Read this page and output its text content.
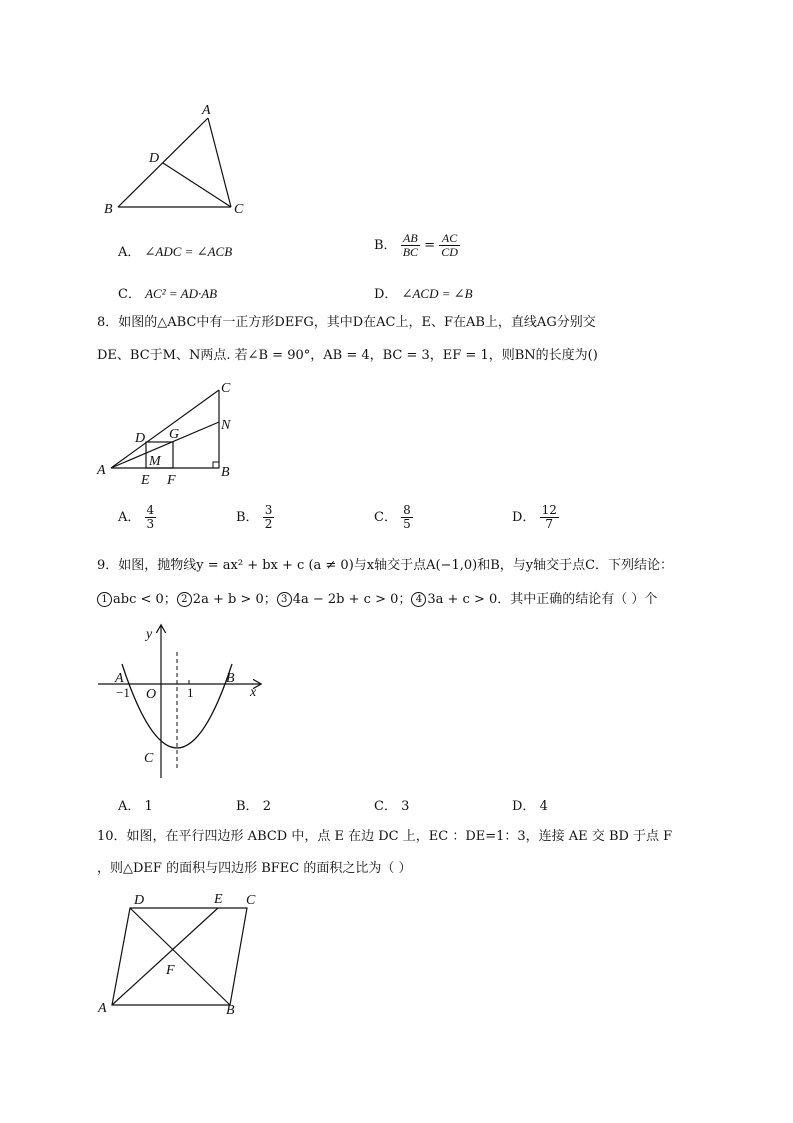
A
B	C
D
A． ∠ADC = ∠ACB	B． $\frac{AB}{BC} = \frac{AC}{CD}$
C． AC² = AD·AB	D． ∠ACD = ∠B
8．如图的△ABC中有一正方形DEFG，其中D在AC上，E、F在AB上，直线AG分别交
DE、BC于M、N两点. 若∠B = 90°，AB = 4，BC = 3，EF = 1，则BN的长度为()
A	B
C
D
E F
G
M
N
A． $\frac{4}{3}$	B． $\frac{3}{2}$	C． $\frac{8}{5}$	D． $\frac{12}{7}$
9．如图，抛物线y = ax² + bx + c (a ≠ 0)与x轴交于点A(−1,0)和B，与y轴交于点C．下列结论：
1 abc < 0； 2 2a + b > 0； 3 4a − 2b + c > 0； 4 3a + c > 0．其中正确的结论有（ ）个
y
x
A	B
C
O
−1	1
A． 1	B． 2	C． 3	D． 4
10．如图，在平行四边形 ABCD 中，点 E 在边 DC 上，EC ：DE=1：3，连接 AE 交 BD 于点 F
，则△DEF 的面积与四边形 BFEC 的面积之比为（ ）
A	B
C
D	E
F
